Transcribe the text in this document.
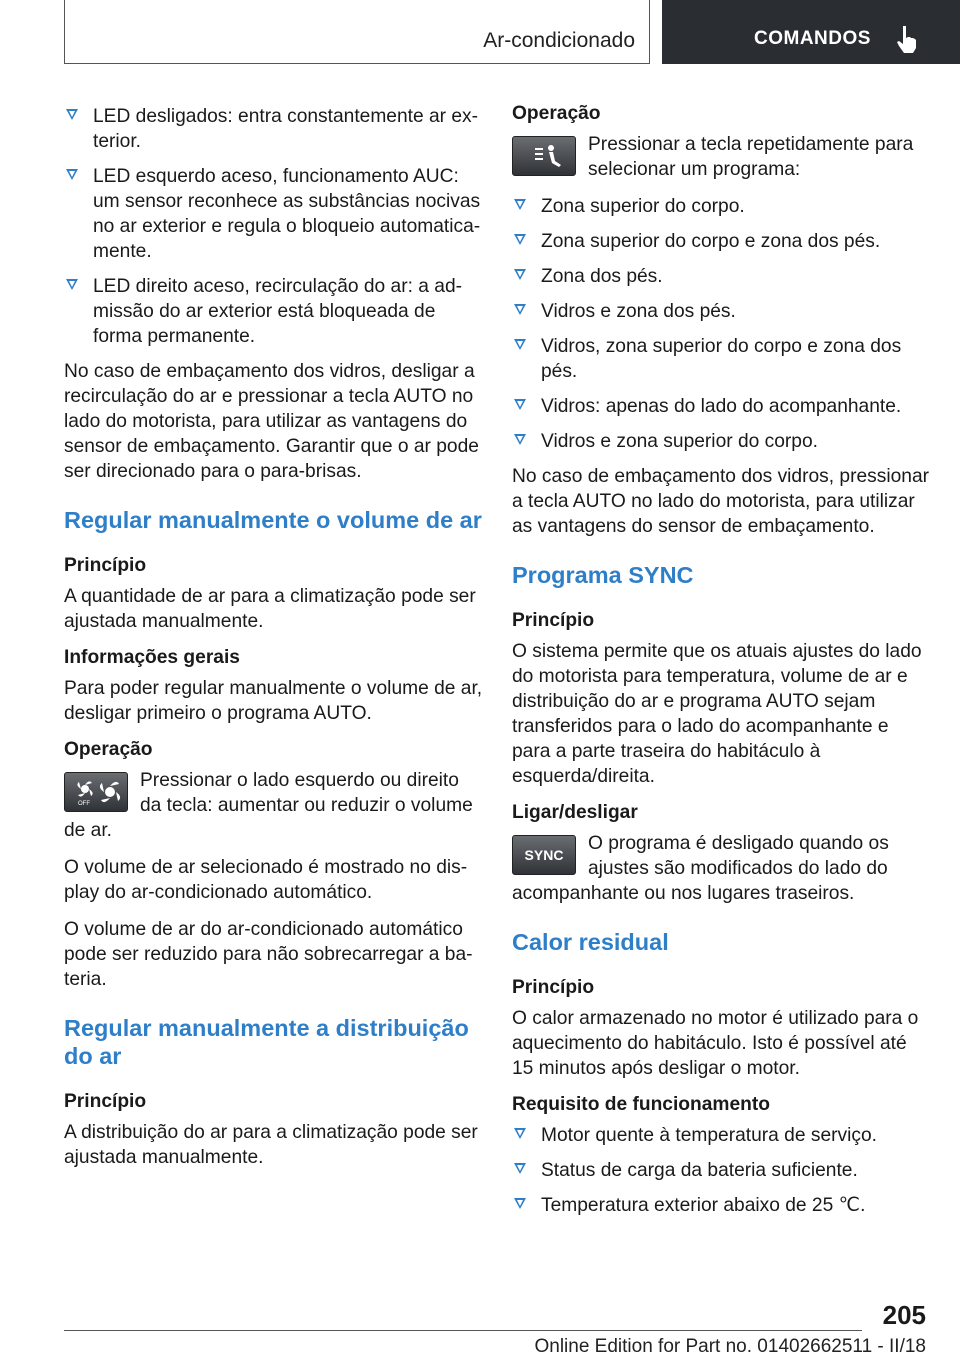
Ar-condicionado	COMANDOS
LED desligados: entra constantemente ar ex‐terior.
LED esquerdo aceso, funcionamento AUC: um sensor reconhece as substâncias nocivas no ar exterior e regula o bloqueio automatica‐mente.
LED direito aceso, recirculação do ar: a ad‐missão do ar exterior está bloqueada de forma permanente.

No caso de embaçamento dos vidros, desligar a recirculação do ar e pressionar a tecla AUTO no lado do motorista, para utilizar as vantagens do sensor de embaçamento. Garantir que o ar pode ser direcionado para o para-brisas.

Regular manualmente o volume de ar
Princípio

A quantidade de ar para a climatização pode ser ajustada manualmente.

Informações gerais

Para poder regular manualmente o volume de ar, desligar primeiro o programa AUTO.

Operação
OFF

Pressionar o lado esquerdo ou direito da tecla: aumentar ou reduzir o volume de ar.

O volume de ar selecionado é mostrado no dis‐play do ar-condicionado automático.

O volume de ar do ar-condicionado automático pode ser reduzido para não sobrecarregar a ba‐teria.

Regular manualmente a distribuição do ar
Princípio

A distribuição do ar para a climatização pode ser ajustada manualmente.

Operação

Pressionar a tecla repetidamente para selecionar um programa:

Zona superior do corpo.
Zona superior do corpo e zona dos pés.
Zona dos pés.
Vidros e zona dos pés.
Vidros, zona superior do corpo e zona dos pés.
Vidros: apenas do lado do acompanhante.
Vidros e zona superior do corpo.

No caso de embaçamento dos vidros, pressionar a tecla AUTO no lado do motorista, para utilizar as vantagens do sensor de embaçamento.

Programa SYNC
Princípio

O sistema permite que os atuais ajustes do lado do motorista para temperatura, volume de ar e distribuição do ar e programa AUTO sejam transferidos para o lado do acompanhante e para a parte traseira do habitáculo à esquerda/direita.

Ligar/desligar
SYNC

O programa é desligado quando os ajustes são modificados do lado do acompanhante ou nos lugares traseiros.

Calor residual
Princípio

O calor armazenado no motor é utilizado para o aquecimento do habitáculo. Isto é possível até 15 minutos após desligar o motor.

Requisito de funcionamento
Motor quente à temperatura de serviço.
Status de carga da bateria suficiente.
Temperatura exterior abaixo de 25 ℃.
205
Online Edition for Part no. 01402662511 - II/18
